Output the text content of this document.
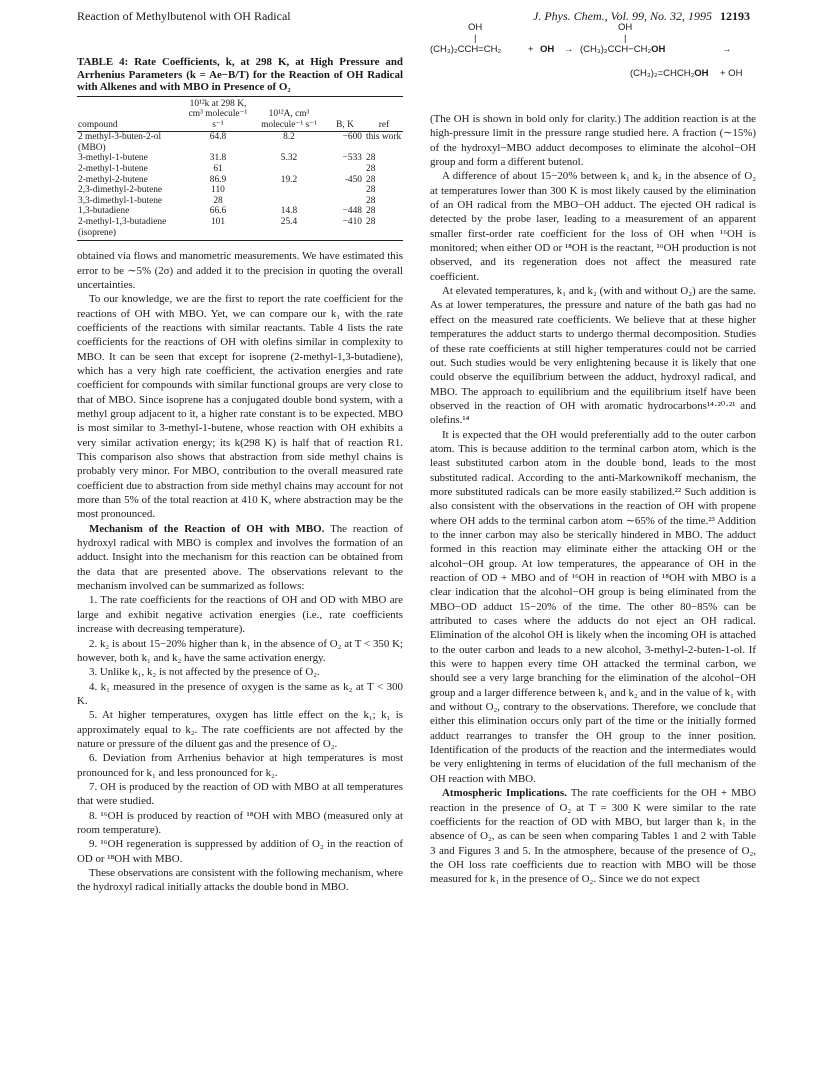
Reaction of Methylbutenol with OH Radical	J. Phys. Chem., Vol. 99, No. 32, 1995 12193
TABLE 4: Rate Coefficients, k, at 298 K, at High Pressure and Arrhenius Parameters (k = Ae−B/T) for the Reaction of OH Radical with Alkenes and with MBO in Presence of O₂
compound	10¹²k at 298 K, cm³ molecule⁻¹ s⁻¹	10¹²A, cm³ molecule⁻¹ s⁻¹	B, K	ref
2 methyl-3-buten-2-ol (MBO)	64.8	8.2	−600	this work
3-methyl-1-butene	31.8	5.32	−533	28
2-methyl-1-butene	61			28
2-methyl-2-butene	86.9	19.2	-450	28
2,3-dimethyl-2-butene	110			28
3,3-dimethyl-1-butene	28			28
1,3-butadiene	66.6	14.8	−448	28
2-methyl-1,3-butadiene (isoprene)	101	25.4	−410	28

obtained via flows and manometric measurements. We have estimated this error to be ∼5% (2σ) and added it to the precision in quoting the overall uncertainties.

To our knowledge, we are the first to report the rate coefficient for the reactions of OH with MBO. Yet, we can compare our k₁ with the rate coefficients of the reactions with similar reactants. Table 4 lists the rate coefficients for the reactions of OH with olefins similar in complexity to MBO. It can be seen that except for isoprene (2-methyl-1,3-butadiene), which has a very high rate coefficient, the activation energies and rate coefficient for compounds with similar functional groups are very close to that of MBO. Since isoprene has a conjugated double bond system, with a methyl group adjacent to it, a higher rate constant is to be expected. MBO is most similar to 3-methyl-1-butene, whose reaction with OH exhibits a very similar activation energy; its k(298 K) is half that of reaction R1. This comparison also shows that abstraction from side methyl chains is probably very minor. For MBO, contribution to the overall measured rate coefficient due to abstraction from side methyl chains may account for not more than 5% of the total reaction at 410 K, where abstraction may be the most pronounced.

Mechanism of the Reaction of OH with MBO. The reaction of hydroxyl radical with MBO is complex and involves the formation of an adduct. Insight into the mechanism for this reaction can be obtained from the data that are presented above. The observations relevant to the mechanism involved can be summarized as follows:

1. The rate coefficients for the reactions of OH and OD with MBO are large and exhibit negative activation energies (i.e., rate coefficients increase with decreasing temperature).

2. k₂ is about 15−20% higher than k₁ in the absence of O₂ at T < 350 K; however, both k₁ and k₂ have the same activation energy.

3. Unlike k₁, k₂ is not affected by the presence of O₂.

4. k₁ measured in the presence of oxygen is the same as k₂ at T < 300 K.

5. At higher temperatures, oxygen has little effect on the k₁; k₁ is approximately equal to k₂. The rate coefficients are not affected by the nature or pressure of the diluent gas and the presence of O₂.

6. Deviation from Arrhenius behavior at high temperatures is most pronounced for k₁ and less pronounced for k₂.

7. OH is produced by the reaction of OD with MBO at all temperatures that were studied.

8. ¹⁶OH is produced by reaction of ¹⁸OH with MBO (measured only at room temperature).

9. ¹⁶OH regeneration is suppressed by addition of O₂ in the reaction of OD or ¹⁸OH with MBO.

These observations are consistent with the following mechanism, where the hydroxyl radical initially attacks the double bond in MBO.

OH
|
(CH₃)₂CCH=CH₂	+ OH →
OH
|
(CH₃)₂CCH−CH₂OH	→
(CH₃)₂=CHCH₂OH + OH

(The OH is shown in bold only for clarity.) The addition reaction is at the high-pressure limit in the pressure range studied here. A fraction (∼15%) of the hydroxyl−MBO adduct decomposes to eliminate the alcohol−OH group and form a different butenol.

A difference of about 15−20% between k₁ and k₂ in the absence of O₂ at temperatures lower than 300 K is most likely caused by the elimination of an OH radical from the MBO−OH adduct. The ejected OH radical is detected by the probe laser, leading to a measurement of an apparent smaller first-order rate coefficient for the loss of OH when ¹⁶OH is monitored; when either OD or ¹⁸OH is the reactant, ¹⁶OH production is not observed, and its regeneration does not affect the measured rate coefficient.

At elevated temperatures, k₁ and k₂ (with and without O₂) are the same. As at lower temperatures, the pressure and nature of the bath gas had no effect on the measured rate coefficients. We believe that at these higher temperatures the adduct starts to undergo thermal decomposition. Studies of these rate coefficients at still higher temperatures could not be carried out. Such studies would be very enlightening because it is likely that one could observe the equilibrium between the adduct, hydroxyl radical, and MBO. The approach to equilibrium and the equilibrium itself have been observed in the reaction of OH with aromatic hydrocarbons¹⁴·²⁰·²¹ and olefins.¹⁴

It is expected that the OH would preferentially add to the outer carbon atom. This is because addition to the terminal carbon atom, which is the least substituted carbon atom in the double bond, leads to the most substituted radical. According to the anti-Markownikoff mechanism, the more substituted radicals can be more easily stabilized.²² Such addition is also consistent with the observations in the reaction of OH with propene where OH adds to the terminal carbon atom ∼65% of the time.²³ Addition to the inner carbon may also be sterically hindered in MBO. The adduct formed in this reaction may eliminate either the attacking OH or the alcohol−OH group. At low temperatures, the appearance of OH in the reaction of OD + MBO and of ¹⁶OH in reaction of ¹⁸OH with MBO is a clear indication that the alcohol−OH group is being eliminated from the MBO−OD adduct 15−20% of the time. The other 80−85% can be attributed to cases where the adducts do not eject an OH radical. Elimination of the alcohol OH is likely when the incoming OH is attached to the outer carbon and leads to a new alcohol, 3-methyl-2-buten-1-ol. If this were to happen every time OH attacked the terminal carbon, we should see a very large branching for the elimination of the alcohol−OH group and a larger difference between k₁ and k₂ and in the value of k₁ with and without O₂, contrary to the observations. Therefore, we conclude that either this elimination occurs only part of the time or the initially formed adduct rearranges to transfer the OH group to the inner position. Identification of the products of the reaction and the intermediates would be very enlightening in terms of elucidation of the full mechanism of the OH reaction with MBO.

Atmospheric Implications. The rate coefficients for the OH + MBO reaction in the presence of O₂ at T = 300 K were similar to the rate coefficients for the reaction of OD with MBO, but larger than k₁ in the absence of O₂, as can be seen when comparing Tables 1 and 2 with Table 3 and Figures 3 and 5. In the atmosphere, because of the presence of O₂, the OH loss rate coefficients due to reaction with MBO will be those measured for k₁ in the presence of O₂. Since we do not expect
